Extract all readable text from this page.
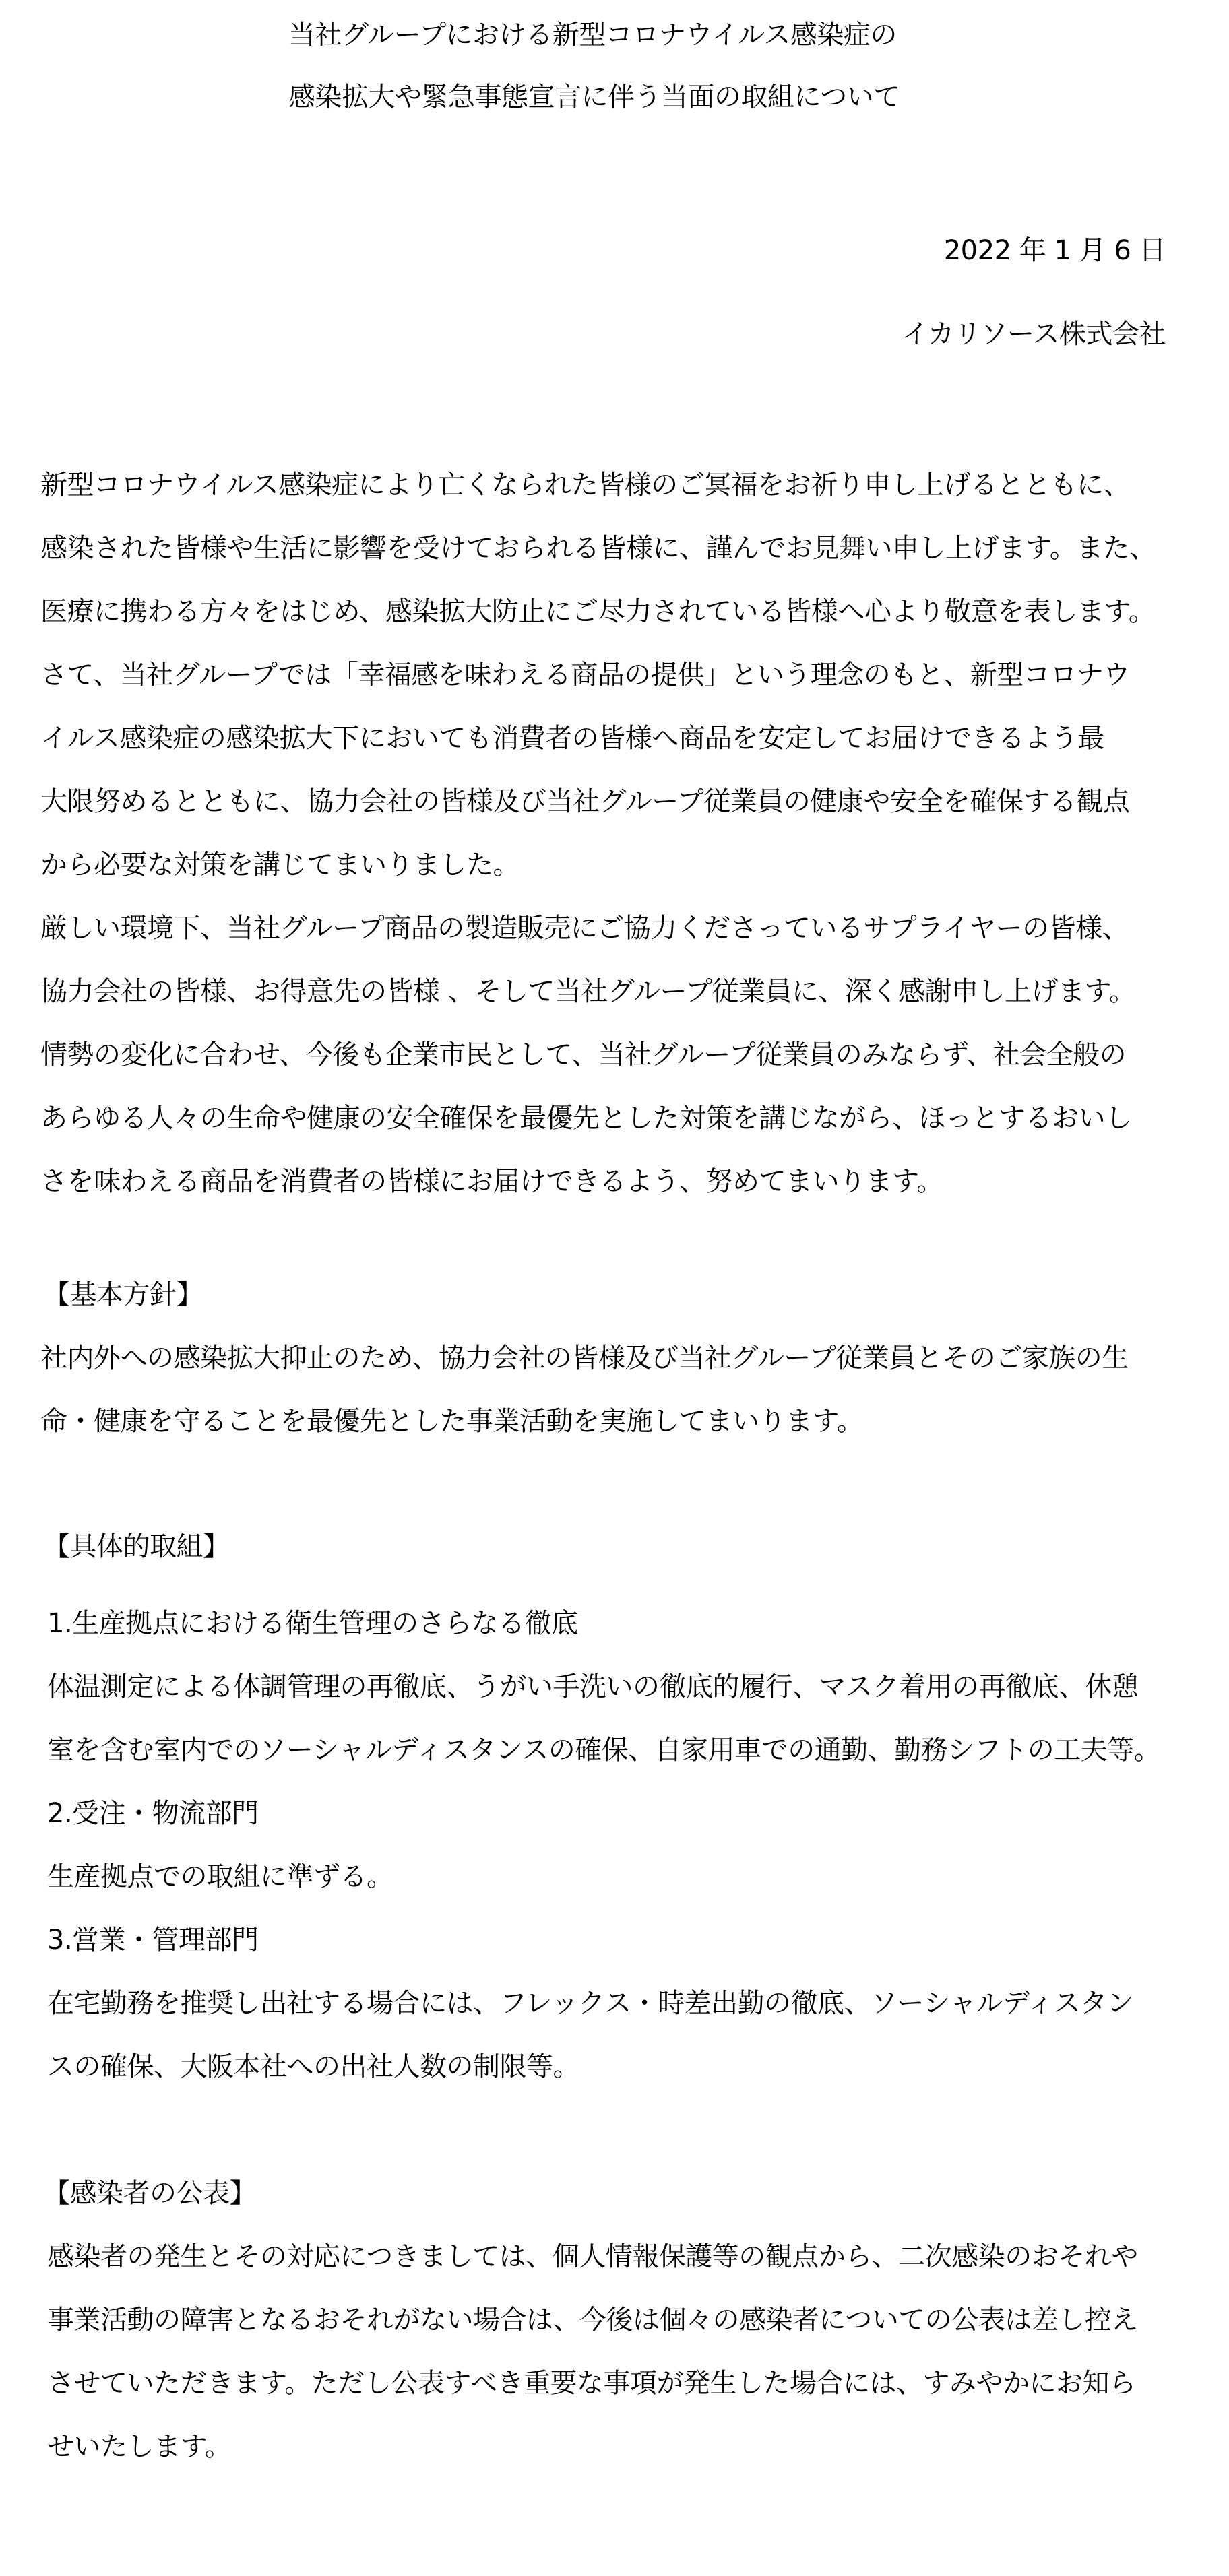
当社グループにおける新型コロナウイルス感染症の
感染拡大や緊急事態宣言に伴う当面の取組について
2022 年 1 月 6 日
イカリソース株式会社
新型コロナウイルス感染症により亡くなられた皆様のご冥福をお祈り申し上げるとともに、
感染された皆様や生活に影響を受けておられる皆様に、謹んでお見舞い申し上げます。また、
医療に携わる方々をはじめ、感染拡大防止にご尽力されている皆様へ心より敬意を表します。
さて、当社グループでは「幸福感を味わえる商品の提供」という理念のもと、新型コロナウ
イルス感染症の感染拡大下においても消費者の皆様へ商品を安定してお届けできるよう最
大限努めるとともに、協力会社の皆様及び当社グループ従業員の健康や安全を確保する観点
から必要な対策を講じてまいりました。
厳しい環境下、当社グループ商品の製造販売にご協力くださっているサプライヤーの皆様、
協力会社の皆様、お得意先の皆様 、そして当社グループ従業員に、深く感謝申し上げます。
情勢の変化に合わせ、今後も企業市民として、当社グループ従業員のみならず、社会全般の
あらゆる人々の生命や健康の安全確保を最優先とした対策を講じながら、ほっとするおいし
さを味わえる商品を消費者の皆様にお届けできるよう、努めてまいります。
【基本方針】
社内外への感染拡大抑止のため、協力会社の皆様及び当社グループ従業員とそのご家族の生
命・健康を守ることを最優先とした事業活動を実施してまいります。
【具体的取組】
1.生産拠点における衛生管理のさらなる徹底
体温測定による体調管理の再徹底、うがい手洗いの徹底的履行、マスク着用の再徹底、休憩
室を含む室内でのソーシャルディスタンスの確保、自家用車での通勤、勤務シフトの工夫等。
2.受注・物流部門
生産拠点での取組に準ずる。
3.営業・管理部門
在宅勤務を推奨し出社する場合には、フレックス・時差出勤の徹底、ソーシャルディスタン
スの確保、大阪本社への出社人数の制限等。
【感染者の公表】
感染者の発生とその対応につきましては、個人情報保護等の観点から、二次感染のおそれや
事業活動の障害となるおそれがない場合は、今後は個々の感染者についての公表は差し控え
させていただきます。ただし公表すべき重要な事項が発生した場合には、すみやかにお知ら
せいたします。
